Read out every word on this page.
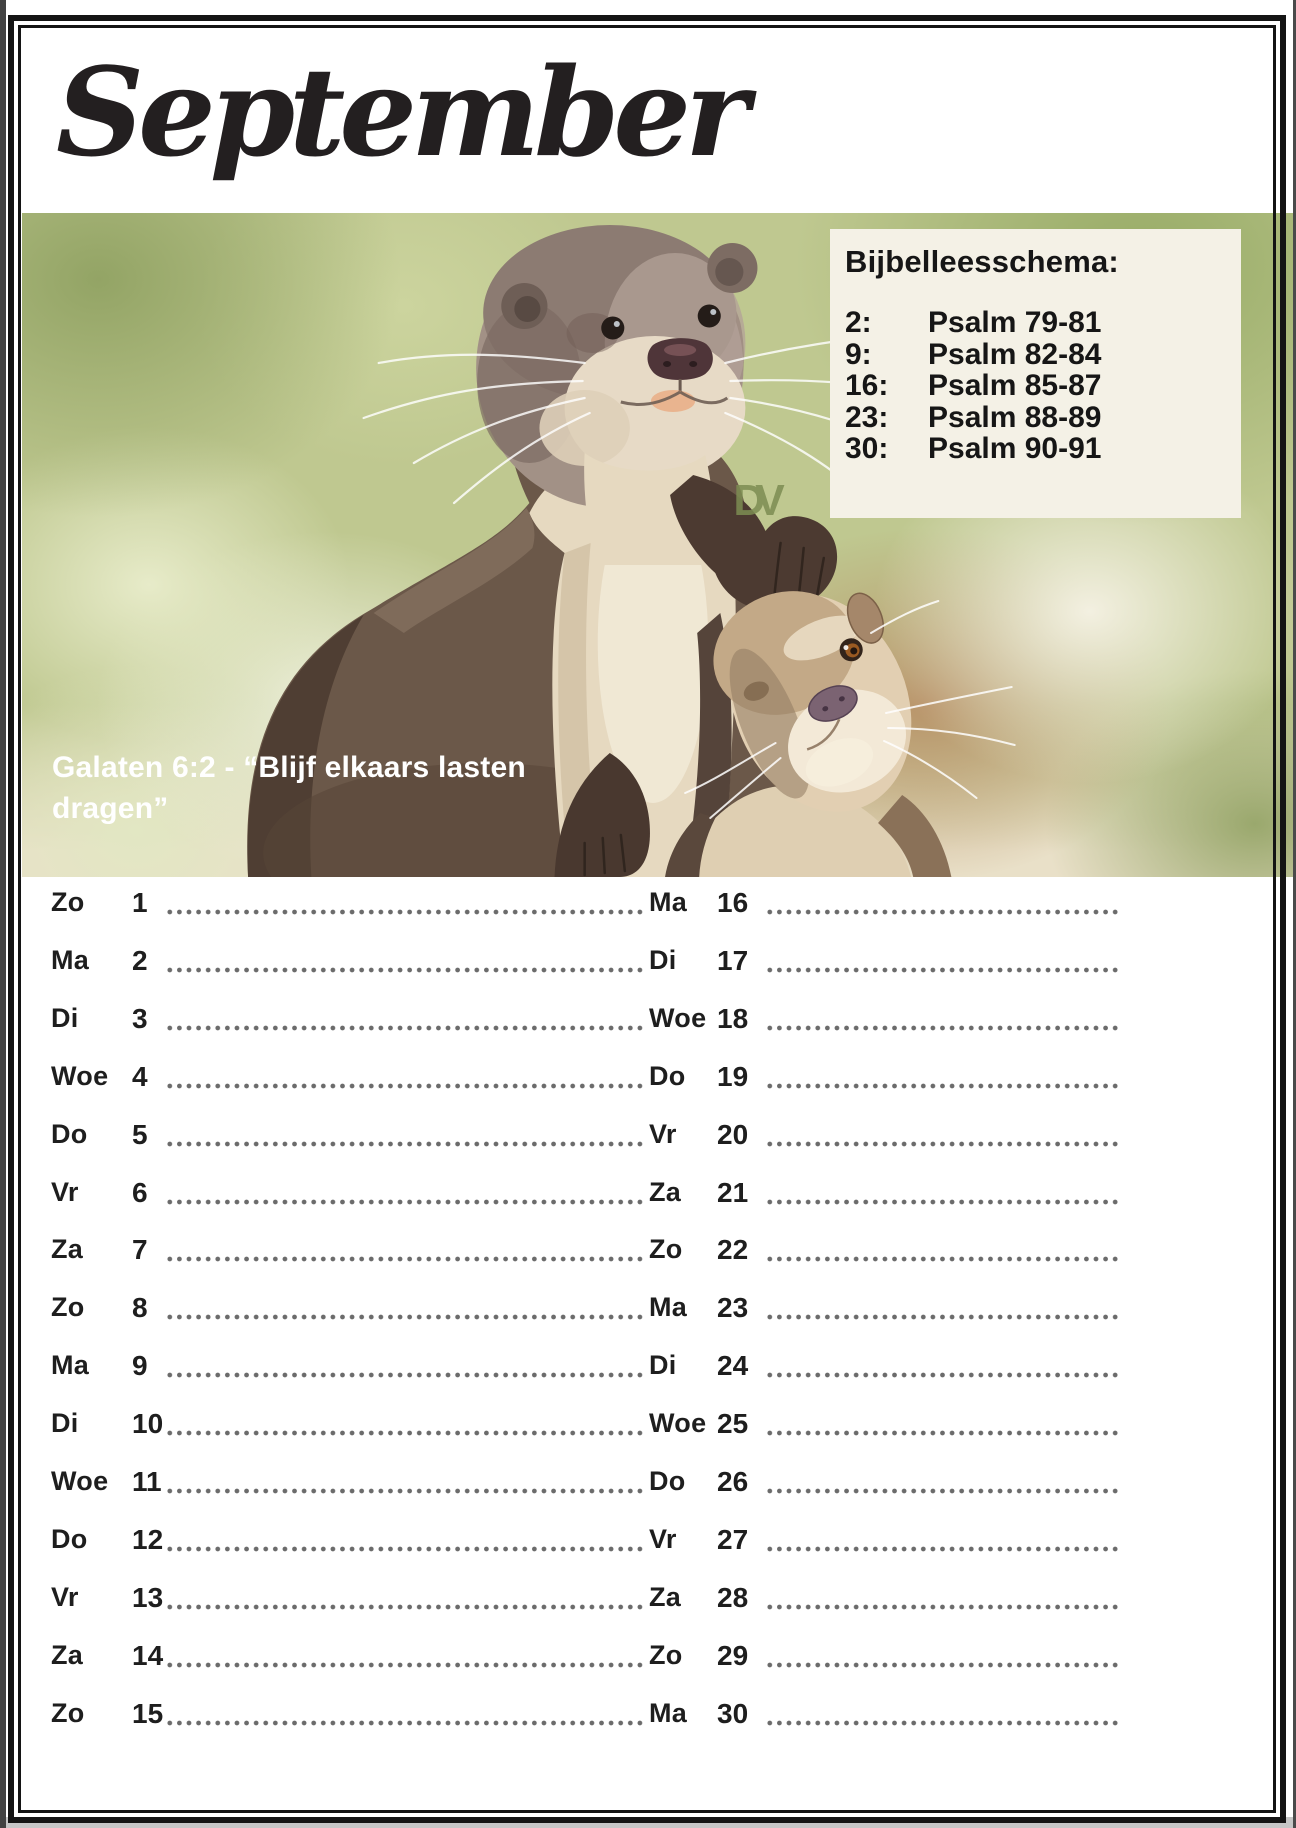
September
DV
Bijbelleesschema:
2:	Psalm 79-81
9:	Psalm 82-84
16:	Psalm 85-87
23:	Psalm 88-89
30:	Psalm 90-91
Galaten 6:2 - “Blijf elkaars lasten
dragen”
Zo 1
Ma 2
Di 3
Woe 4
Do 5
Vr 6
Za 7
Zo 8
Ma 9
Di 10
Woe 11
Do 12
Vr 13
Za 14
Zo 15
Ma 16
Di 17
Woe 18
Do 19
Vr 20
Za 21
Zo 22
Ma 23
Di 24
Woe 25
Do 26
Vr 27
Za 28
Zo 29
Ma 30
